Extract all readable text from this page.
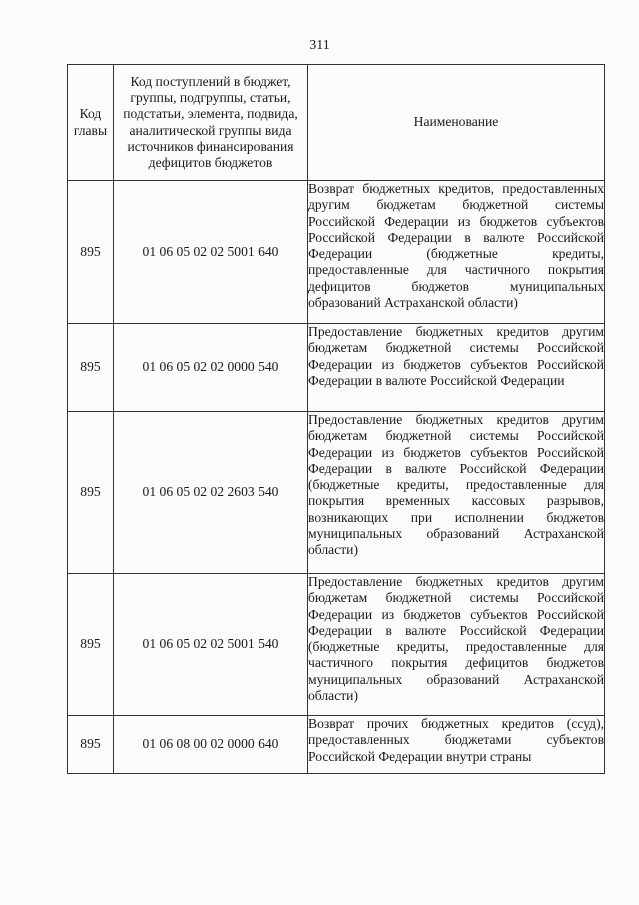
311
Код главы	Код поступлений в бюджет, группы, подгруппы, статьи, подстатьи, элемента, подвида, аналитической группы вида источников финансирования дефицитов бюджетов	Наименование
895	01 06 05 02 02 5001 640	Возврат бюджетных кредитов, предоставленных другим бюджетам бюджетной системы Российской Федерации из бюджетов субъектов Российской Федерации в валюте Российской Федерации (бюджетные кредиты, предоставленные для частичного покрытия дефицитов бюджетов муниципальных образований Астраханской области)
895	01 06 05 02 02 0000 540	Предоставление бюджетных кредитов другим бюджетам бюджетной системы Российской Федерации из бюджетов субъектов Российской Федерации в валюте Российской Федерации
895	01 06 05 02 02 2603 540	Предоставление бюджетных кредитов другим бюджетам бюджетной системы Российской Федерации из бюджетов субъектов Российской Федерации в валюте Российской Федерации (бюджетные кредиты, предоставленные для покрытия временных кассовых разрывов, возникающих при исполнении бюджетов муниципальных образований Астраханской области)
895	01 06 05 02 02 5001 540	Предоставление бюджетных кредитов другим бюджетам бюджетной системы Российской Федерации из бюджетов субъектов Российской Федерации в валюте Российской Федерации (бюджетные кредиты, предоставленные для частичного покрытия дефицитов бюджетов муниципальных образований Астраханской области)
895	01 06 08 00 02 0000 640	Возврат прочих бюджетных кредитов (ссуд), предоставленных бюджетами субъектов Российской Федерации внутри страны
